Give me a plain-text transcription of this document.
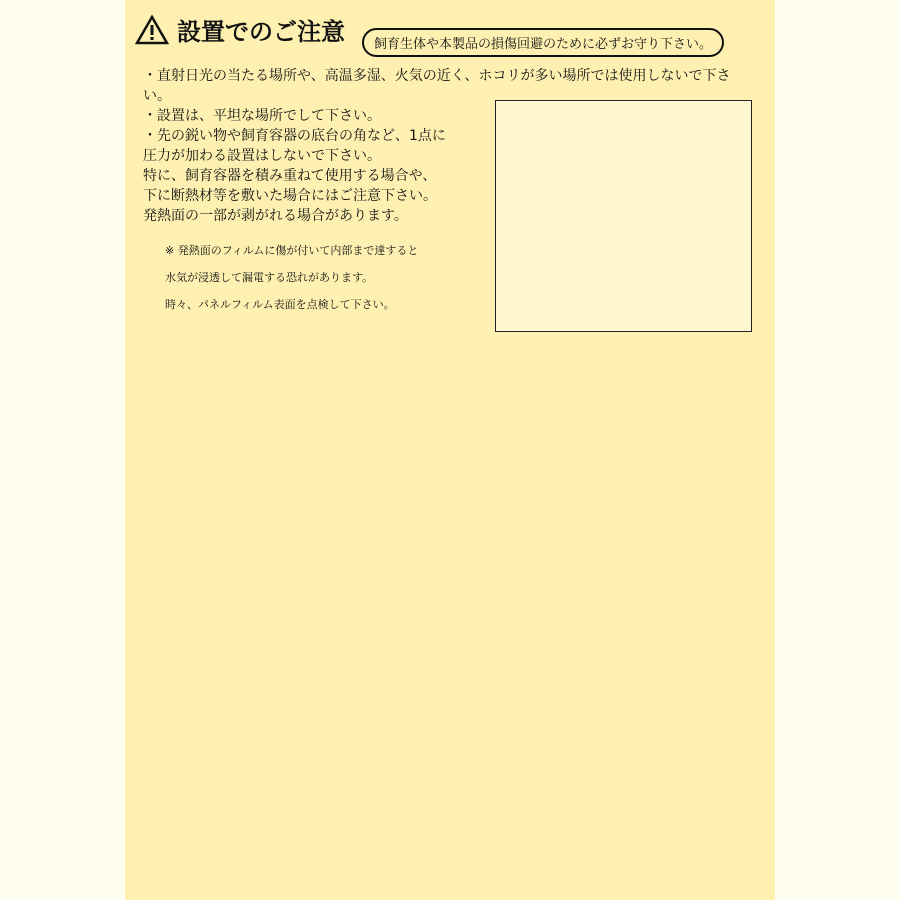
設置でのご注意	飼育生体や本製品の損傷回避のために必ずお守り下さい。

・直射日光の当たる場所や、高温多湿、火気の近く、ホコリが多い場所では使用しないで下さい。

・設置は、平坦な場所でして下さい。

・先の鋭い物や飼育容器の底台の角など、1点に

圧力が加わる設置はしないで下さい。

特に、飼育容器を積み重ねて使用する場合や、

下に断熱材等を敷いた場合にはご注意下さい。

発熱面の一部が剥がれる場合があります。

※ 発熱面のフィルムに傷が付いて内部まで達すると

水気が浸透して漏電する恐れがあります。

時々、パネルフィルム表面を点検して下さい。
